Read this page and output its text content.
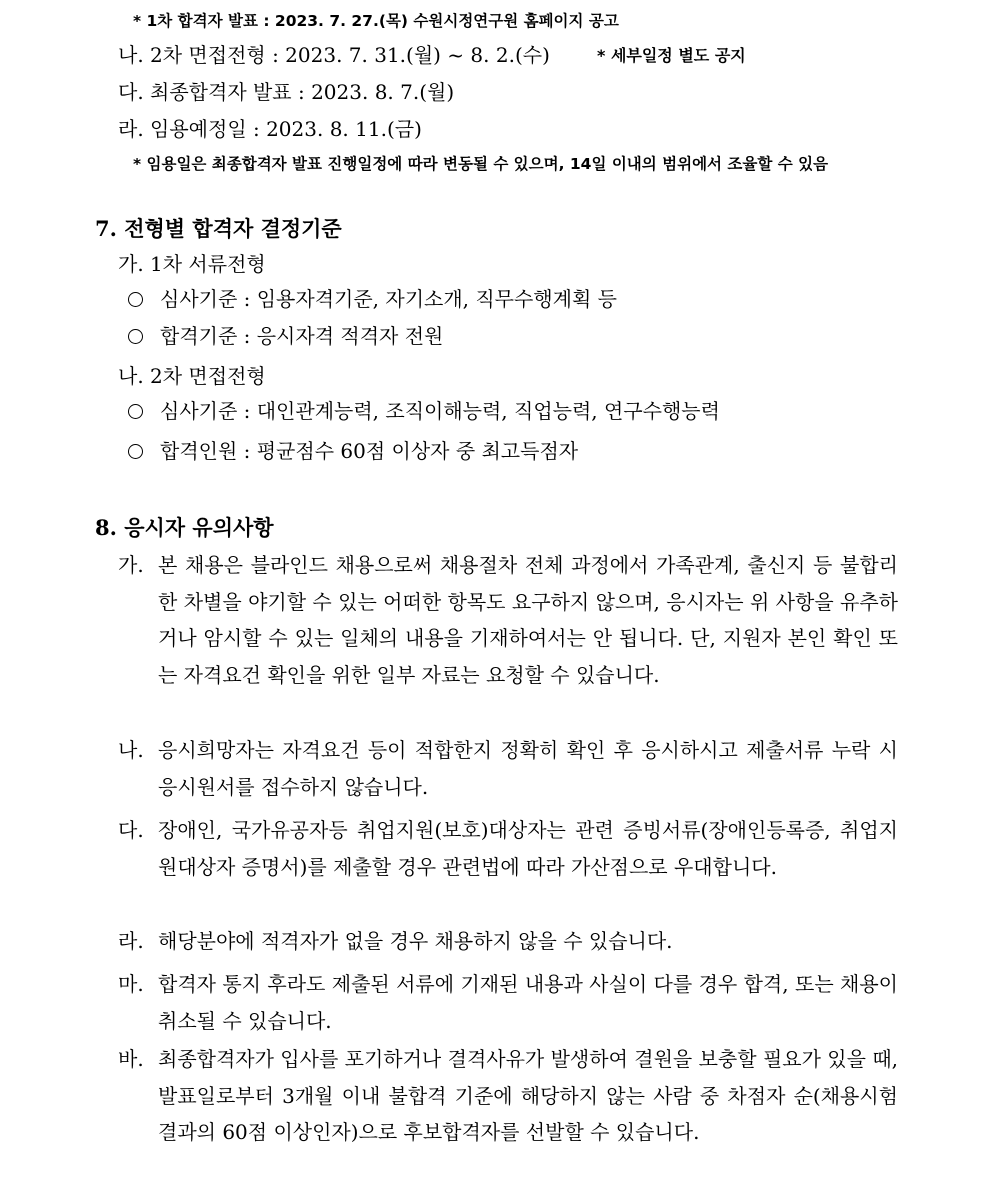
* 1차 합격자 발표 : 2023. 7. 27.(목) 수원시정연구원 홈페이지 공고
나. 2차 면접전형 : 2023. 7. 31.(월) ~ 8. 2.(수)	* 세부일정 별도 공지
다. 최종합격자 발표 : 2023. 8. 7.(월)
라. 임용예정일 : 2023. 8. 11.(금)
* 임용일은 최종합격자 발표 진행일정에 따라 변동될 수 있으며, 14일 이내의 범위에서 조율할 수 있음
7. 전형별 합격자 결정기준
가. 1차 서류전형
심사기준 : 임용자격기준, 자기소개, 직무수행계획 등
합격기준 : 응시자격 적격자 전원
나. 2차 면접전형
심사기준 : 대인관계능력, 조직이해능력, 직업능력, 연구수행능력
합격인원 : 평균점수 60점 이상자 중 최고득점자
8. 응시자 유의사항
가. 본 채용은 블라인드 채용으로써 채용절차 전체 과정에서 가족관계, 출신지 등 불합리한 차별을 야기할 수 있는 어떠한 항목도 요구하지 않으며, 응시자는 위 사항을 유추하거나 암시할 수 있는 일체의 내용을 기재하여서는 안 됩니다. 단, 지원자 본인 확인 또는 자격요건 확인을 위한 일부 자료는 요청할 수 있습니다.
나. 응시희망자는 자격요건 등이 적합한지 정확히 확인 후 응시하시고 제출서류 누락 시 응시원서를 접수하지 않습니다.
다. 장애인, 국가유공자등 취업지원(보호)대상자는 관련 증빙서류(장애인등록증, 취업지원대상자 증명서)를 제출할 경우 관련법에 따라 가산점으로 우대합니다.
라. 해당분야에 적격자가 없을 경우 채용하지 않을 수 있습니다.
마. 합격자 통지 후라도 제출된 서류에 기재된 내용과 사실이 다를 경우 합격, 또는 채용이 취소될 수 있습니다.
바. 최종합격자가 입사를 포기하거나 결격사유가 발생하여 결원을 보충할 필요가 있을 때, 발표일로부터 3개월 이내 불합격 기준에 해당하지 않는 사람 중 차점자 순(채용시험 결과의 60점 이상인자)으로 후보합격자를 선발할 수 있습니다.
